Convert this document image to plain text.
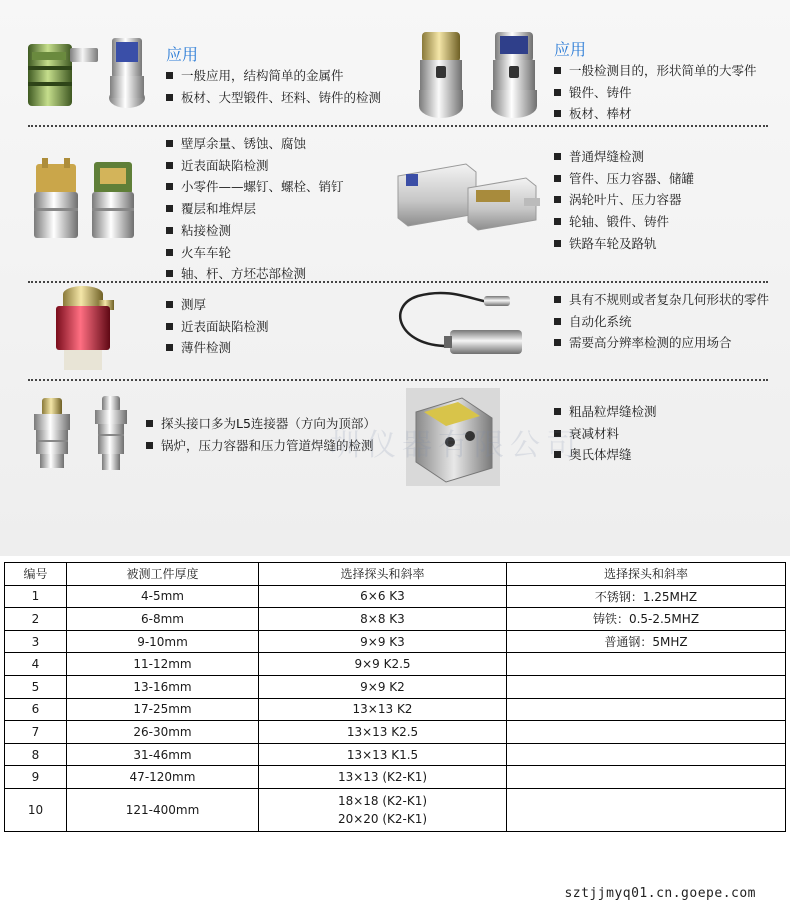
应用
一般应用，结构简单的金属件
板材、大型锻件、坯料、铸件的检测
应用
一般检测目的，形状简单的大零件
锻件、铸件
板材、棒材
壁厚余量、锈蚀、腐蚀
近表面缺陷检测
小零件——螺钉、螺栓、销钉
覆层和堆焊层
粘接检测
火车车轮
轴、杆、方坯芯部检测
普通焊缝检测
管件、压力容器、储罐
涡轮叶片、压力容器
轮轴、锻件、铸件
铁路车轮及路轨
测厚
近表面缺陷检测
薄件检测
具有不规则或者复杂几何形状的零件
自动化系统
需要高分辨率检测的应用场合
探头接口多为L5连接器（方向为顶部）
锅炉，压力容器和压力管道焊缝的检测
粗晶粒焊缝检测
衰减材料
奥氏体焊缝
圳仪器有限公司
编号	被测工件厚度	选择探头和斜率	选择探头和斜率
1	4-5mm	6×6 K3	不锈钢：1.25MHZ
2	6-8mm	8×8 K3	铸铁：0.5-2.5MHZ
3	9-10mm	9×9 K3	普通钢：5MHZ
4	11-12mm	9×9 K2.5	
5	13-16mm	9×9 K2	
6	17-25mm	13×13 K2	
7	26-30mm	13×13 K2.5	
8	31-46mm	13×13 K1.5	
9	47-120mm	13×13 (K2-K1)	
10	121-400mm	18×18 (K2-K1)
20×20 (K2-K1)	

sztjjmyq01.cn.goepe.com
